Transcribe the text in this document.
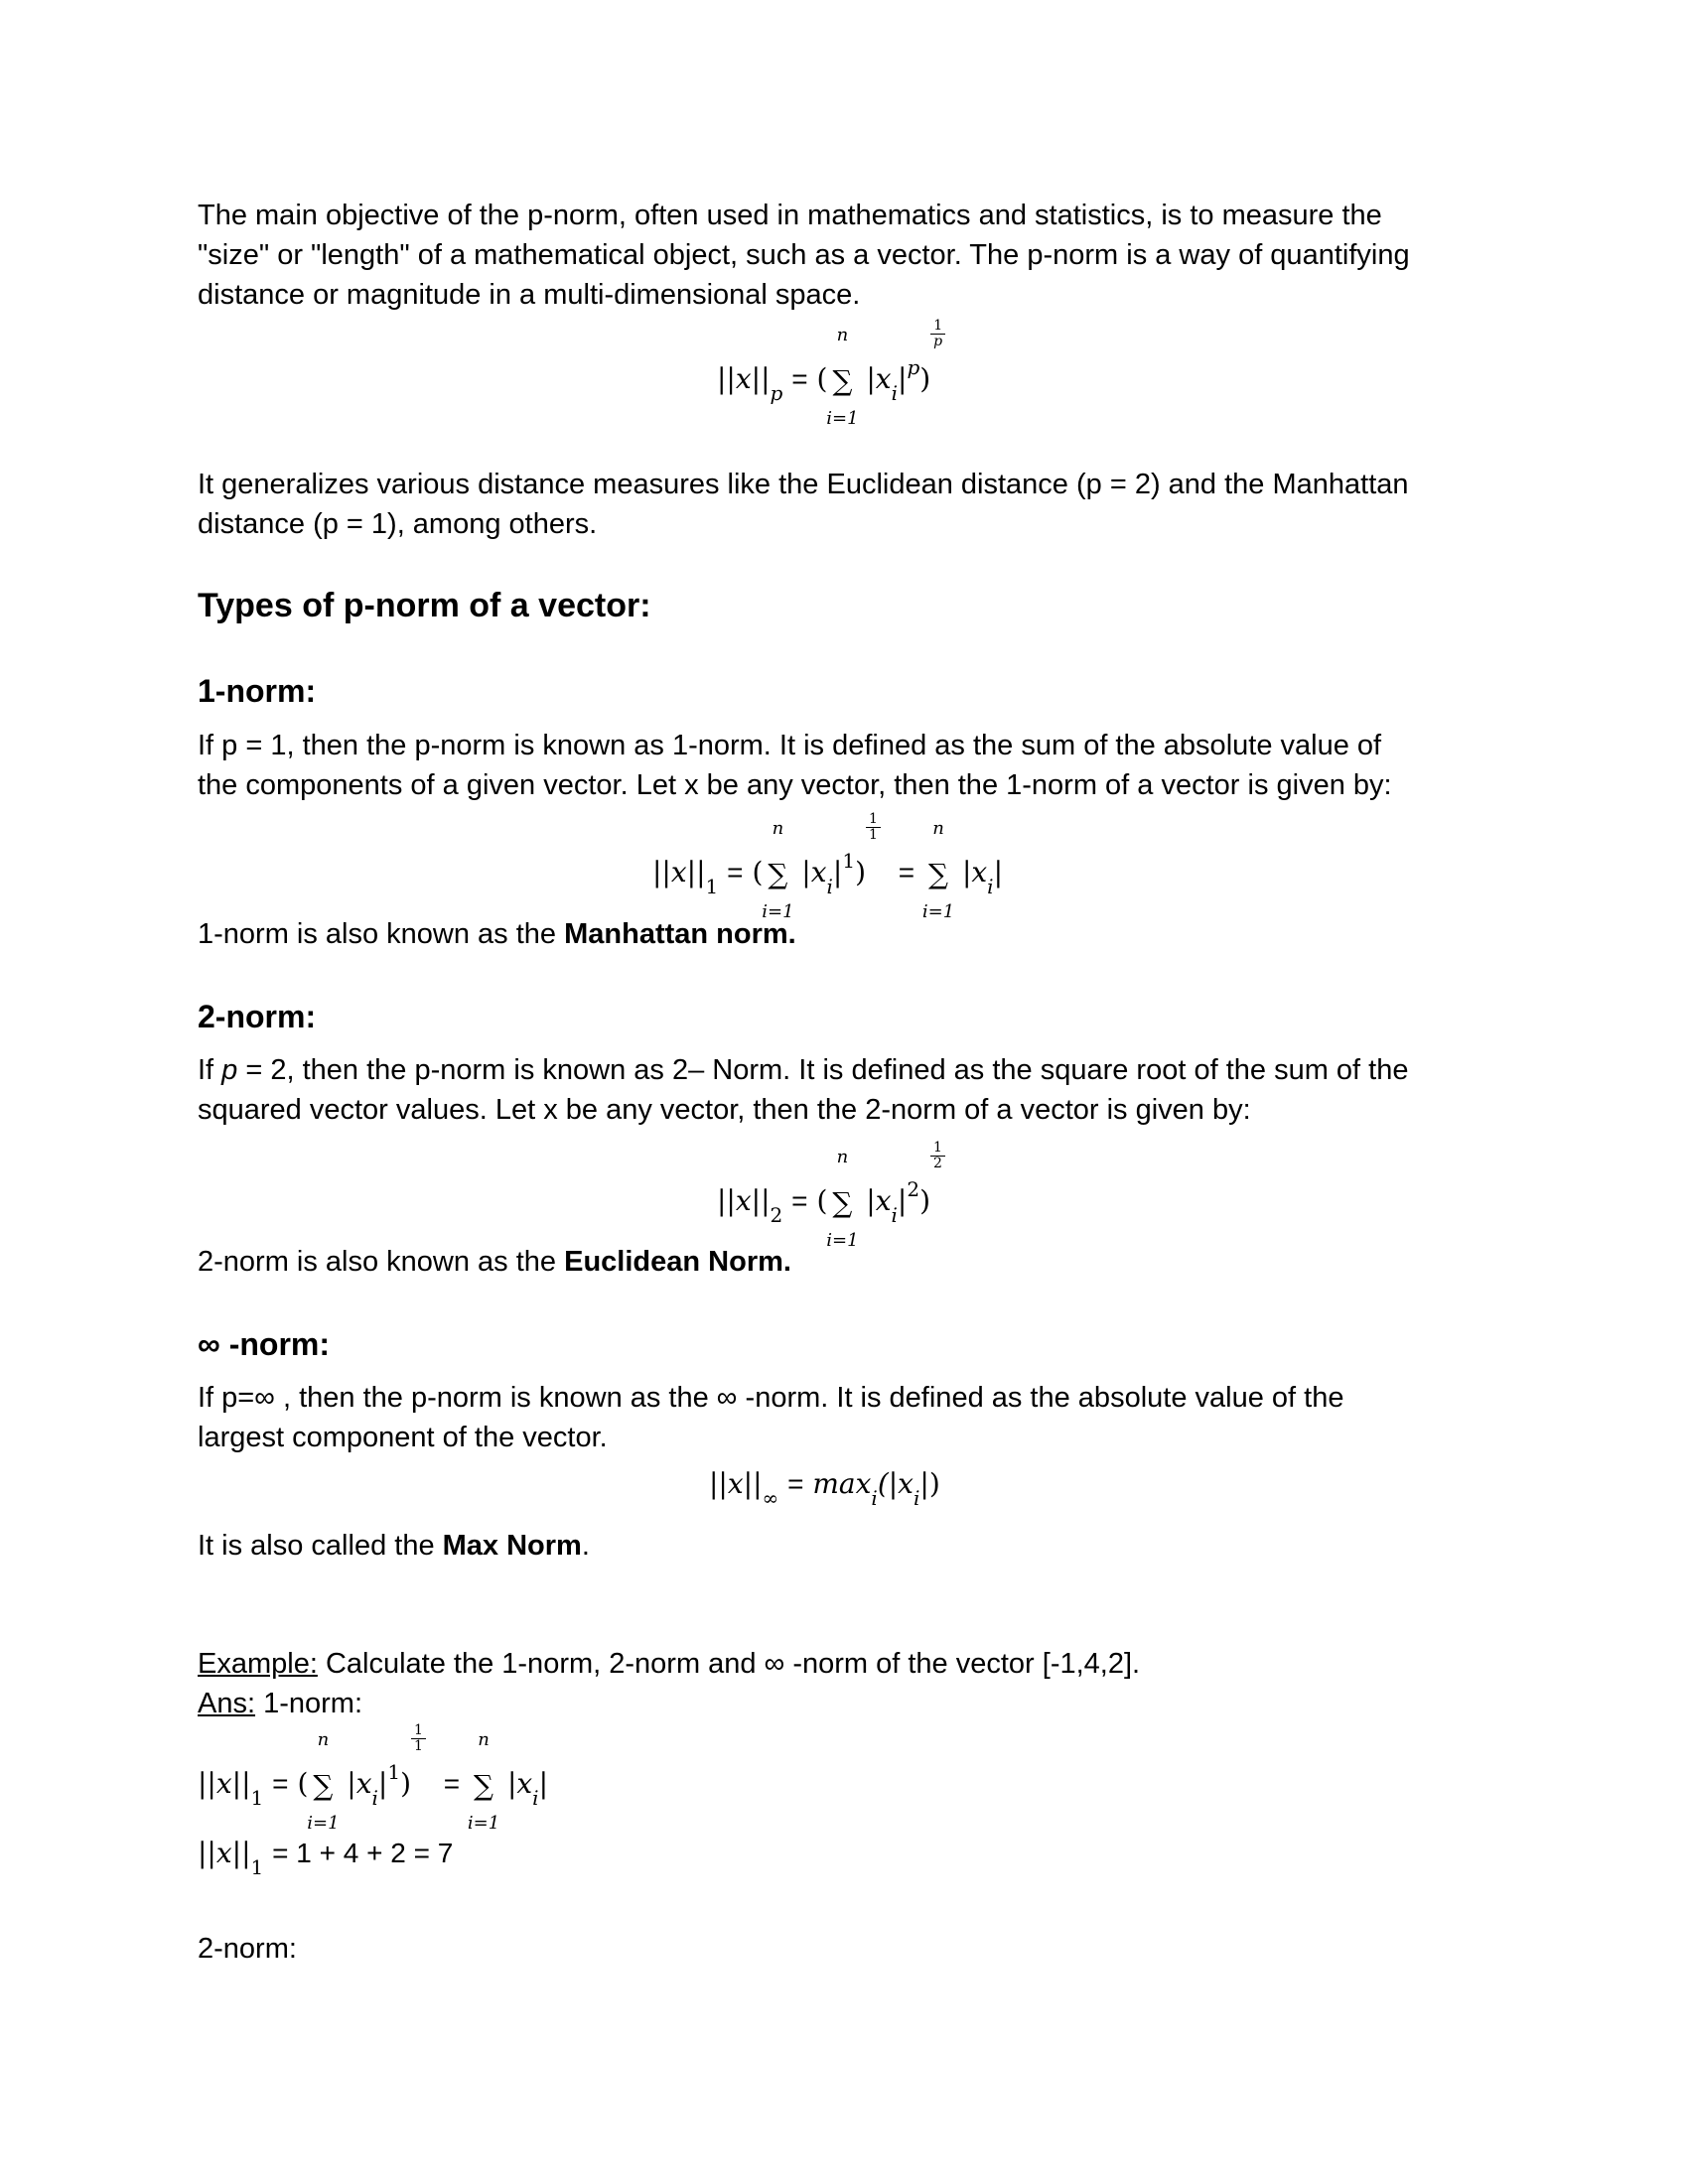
The main objective of the p-norm, often used in mathematics and statistics, is to measure the
"size" or "length" of a mathematical object, such as a vector. The p-norm is a way of quantifying
distance or magnitude in a multi-dimensional space.

$||x||_p$ = (
n
∑
i=1
$|x_i|^p$)
$\frac{1}{p}$

It generalizes various distance measures like the Euclidean distance (p = 2) and the Manhattan
distance (p = 1), among others.

Types of p-norm of a vector:
1-norm:

If p = 1, then the p-norm is known as 1-norm. It is defined as the sum of the absolute value of
the components of a given vector. Let x be any vector, then the 1-norm of a vector is given by:

$||x||_1$ = (
n
∑
i=1
$|x_i|^1$)
$\frac{1}{1}$
=
n
∑
i=1
$|x_i|$

1-norm is also known as the Manhattan norm.

2-norm:

If p = 2, then the p-norm is known as 2– Norm. It is defined as the square root of the sum of the
squared vector values. Let x be any vector, then the 2-norm of a vector is given by:

$||x||_2$ = (
n
∑
i=1
$|x_i|^2$)
$\frac{1}{2}$

2-norm is also known as the Euclidean Norm.

∞ -norm:

If p=∞ , then the p-norm is known as the ∞ -norm. It is defined as the absolute value of the
largest component of the vector.

$||x||_\infty = \max_i(|x_i|)$

It is also called the Max Norm.

Example: Calculate the 1-norm, 2-norm and ∞ -norm of the vector [-1,4,2].
Ans: 1-norm:

$||x||_1$ = (
n
∑
i=1
$|x_i|^1$)
$\frac{1}{1}$
=
n
∑
i=1
$|x_i|$
$||x||_1 = 1 + 4 + 2 = 7$

2-norm:
